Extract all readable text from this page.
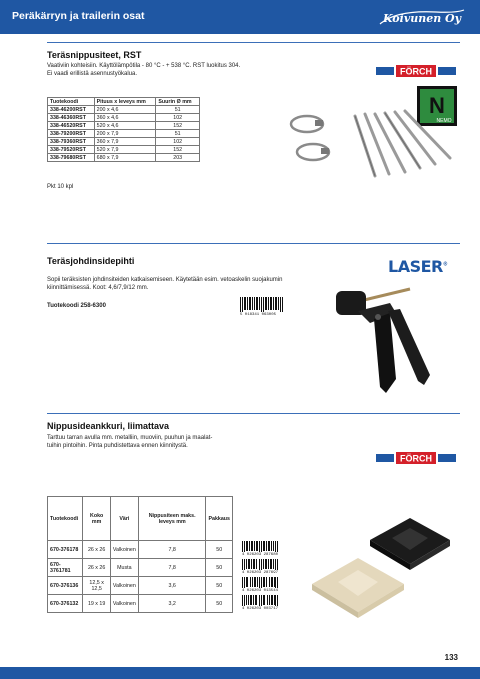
Peräkärryn ja trailerin osat	Koivunen Oy
Teräsnippusiteet, RST
Vaativiin kohteisiin. Käyttölämpötila - 80 °C - + 538 °C. RST luokitus 304.
Ei vaadi erillistä asennustyökalua.	FÖRCH
N
NEMO
Tuotekoodi	Pituus x leveys mm	Suurin Ø mm
338-46200RST	200 x 4,6	51
338-46360RST	360 x 4,6	102
338-46520RST	520 x 4,6	152
338-79200RST	200 x 7,9	51
338-79360RST	360 x 7,9	102
338-79520RST	520 x 7,9	152
338-79680RST	680 x 7,9	203
Pkt 10 kpl
Teräsjohdinsidepihti	LASER®
Sopii teräksisten johdinsiteiden katkaisemiseen. Käytetään esim. vetoaskelin suojakumin
kiinnittämisessä. Koot: 4,6/7,9/12 mm.
Tuotekoodi 258-6300
5 018341 063005
Nippusideankkuri, liimattava
Tarttuu tarran avulla mm. metalliin, muoviin, puuhun ja maalat-
tuihin pintoihin. Pinta puhdistettava ennen kiinnitystä.
FÖRCH
Tuotekoodi	Koko mm	Väri	Nippusiteen maks. leveys mm	Pakkaus
670-376178	26 x 26	Valkoinen	7,8	50
670-3761781	26 x 26	Musta	7,8	50
670-376136	12,5 x 12,5	Valkoinen	3,6	50
670-376132	19 x 19	Valkoinen	3,2	50
4 026203 287680
4 026203 287697
4 026203 013544
4 026203 003717
133
